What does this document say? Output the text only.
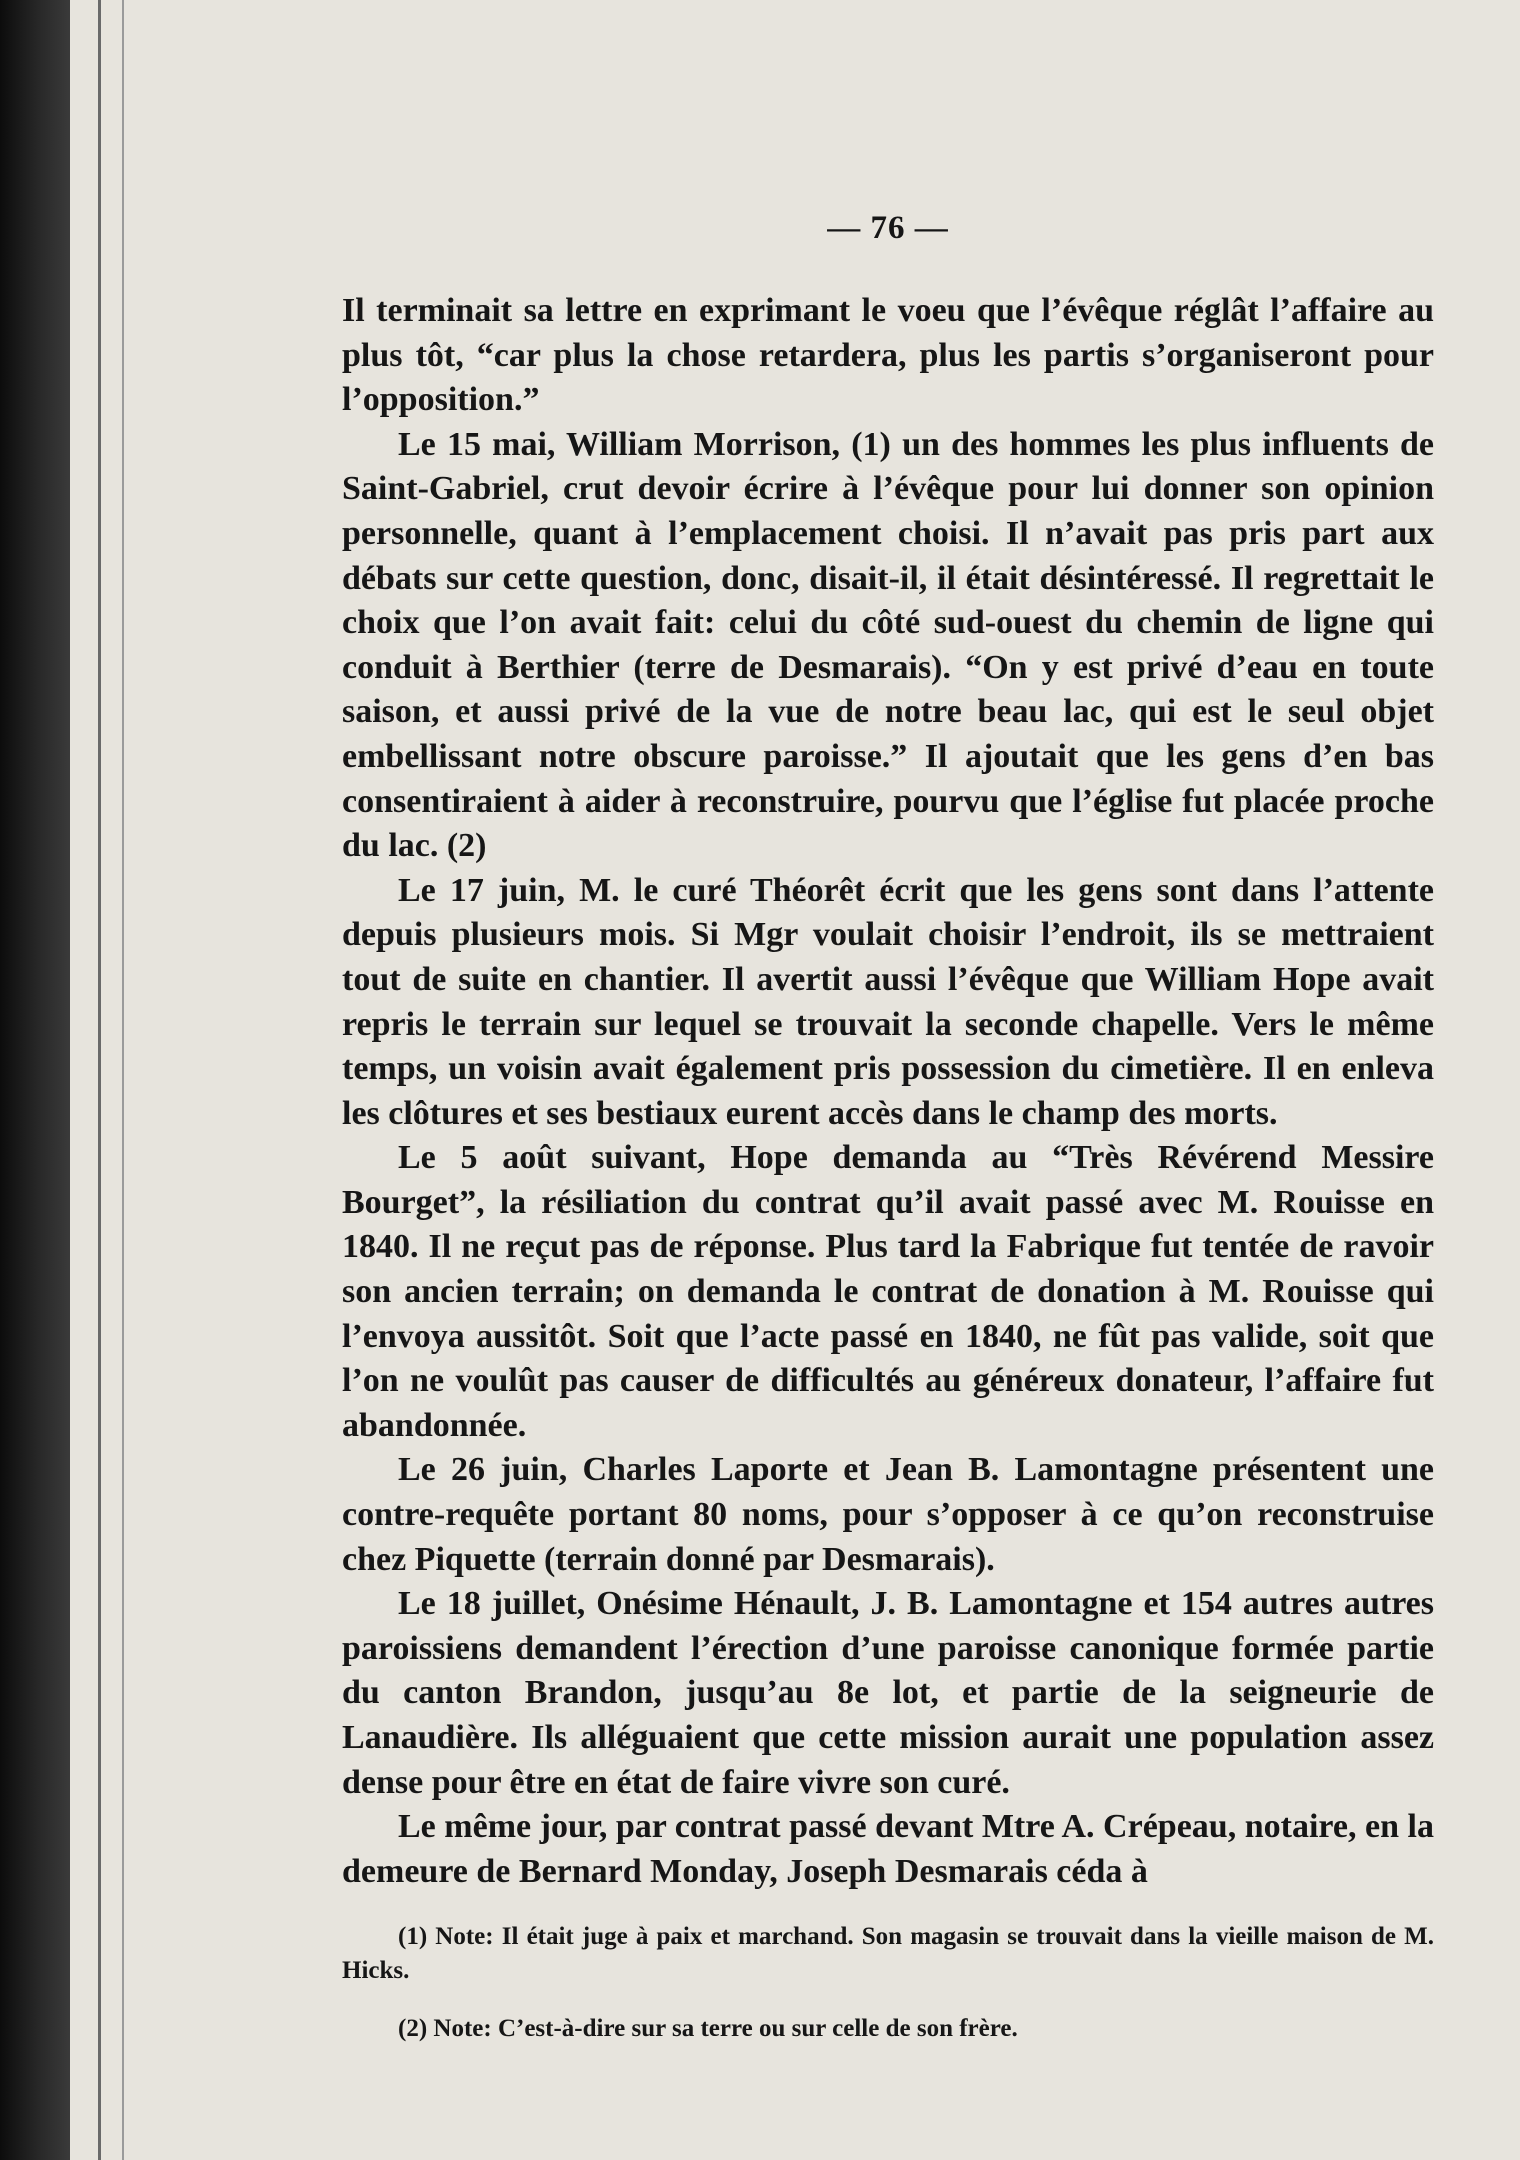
— 76 —

Il terminait sa lettre en exprimant le voeu que l’évêque réglât l’affaire au plus tôt, “car plus la chose retardera, plus les partis s’organiseront pour l’opposition.”

Le 15 mai, William Morrison, (1) un des hommes les plus influents de Saint-Gabriel, crut devoir écrire à l’évêque pour lui donner son opinion personnelle, quant à l’emplacement choisi. Il n’avait pas pris part aux débats sur cette question, donc, disait-il, il était désintéressé. Il regrettait le choix que l’on avait fait: celui du côté sud-ouest du chemin de ligne qui conduit à Berthier (terre de Desmarais). “On y est privé d’eau en toute saison, et aussi privé de la vue de notre beau lac, qui est le seul objet embellissant notre obscure paroisse.” Il ajoutait que les gens d’en bas consentiraient à aider à reconstruire, pourvu que l’église fut placée proche du lac. (2)

Le 17 juin, M. le curé Théorêt écrit que les gens sont dans l’attente depuis plusieurs mois. Si Mgr voulait choisir l’endroit, ils se mettraient tout de suite en chantier. Il avertit aussi l’évêque que William Hope avait repris le terrain sur lequel se trouvait la seconde chapelle. Vers le même temps, un voisin avait également pris possession du cimetière. Il en enleva les clôtures et ses bestiaux eurent accès dans le champ des morts.

Le 5 août suivant, Hope demanda au “Très Révérend Messire Bourget”, la résiliation du contrat qu’il avait passé avec M. Rouisse en 1840. Il ne reçut pas de réponse. Plus tard la Fabrique fut tentée de ravoir son ancien terrain; on demanda le contrat de donation à M. Rouisse qui l’envoya aussitôt. Soit que l’acte passé en 1840, ne fût pas valide, soit que l’on ne voulût pas causer de difficultés au généreux donateur, l’affaire fut abandonnée.

Le 26 juin, Charles Laporte et Jean B. Lamontagne présentent une contre-requête portant 80 noms, pour s’opposer à ce qu’on reconstruise chez Piquette (terrain donné par Desmarais).

Le 18 juillet, Onésime Hénault, J. B. Lamontagne et 154 autres autres paroissiens demandent l’érection d’une paroisse canonique formée partie du canton Brandon, jusqu’au 8e lot, et partie de la seigneurie de Lanaudière. Ils alléguaient que cette mission aurait une population assez dense pour être en état de faire vivre son curé.

Le même jour, par contrat passé devant Mtre A. Crépeau, notaire, en la demeure de Bernard Monday, Joseph Desmarais céda à

(1) Note: Il était juge à paix et marchand. Son magasin se trouvait dans la vieille maison de M. Hicks.

(2) Note: C’est-à-dire sur sa terre ou sur celle de son frère.
